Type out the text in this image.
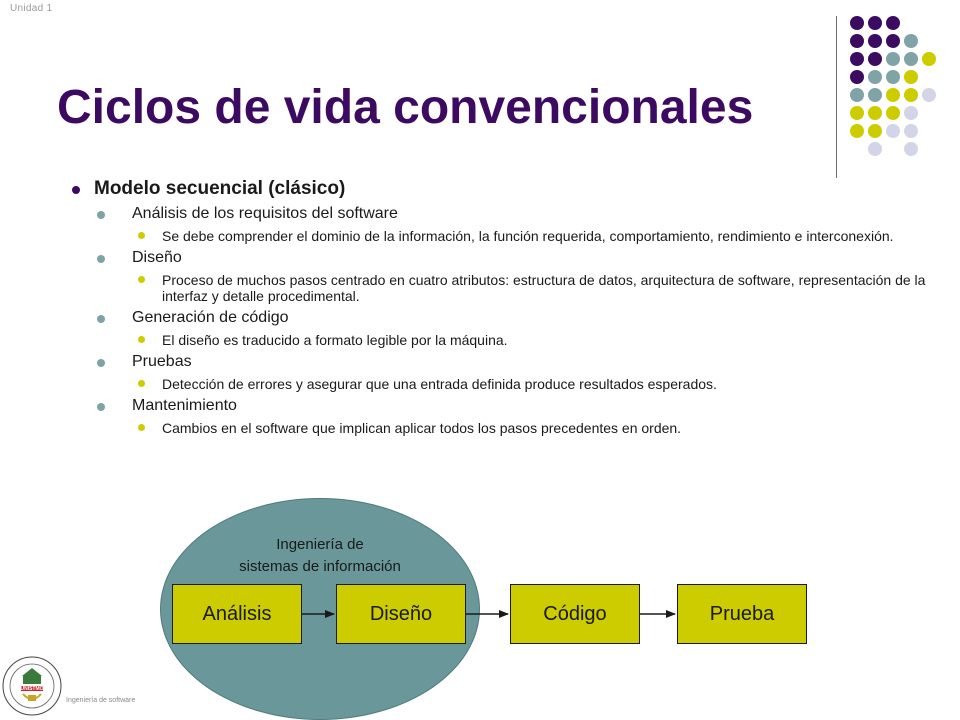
Unidad 1
Ciclos de vida convencionales
Modelo secuencial (clásico)
Análisis de los requisitos del software
Se debe comprender el dominio de la información, la función requerida, comportamiento, rendimiento e interconexión.
Diseño
Proceso de muchos pasos centrado en cuatro atributos: estructura de datos, arquitectura de software, representación de la interfaz y detalle procedimental.
Generación de código
El diseño es traducido a formato legible por la máquina.
Pruebas
Detección de errores y asegurar que una entrada definida produce resultados esperados.
Mantenimiento
Cambios en el software que implican aplicar todos los pasos precedentes en orden.
Ingeniería de
sistemas de información
Análisis	Diseño	Código	Prueba
UNISTMO
Ingeniería de software
